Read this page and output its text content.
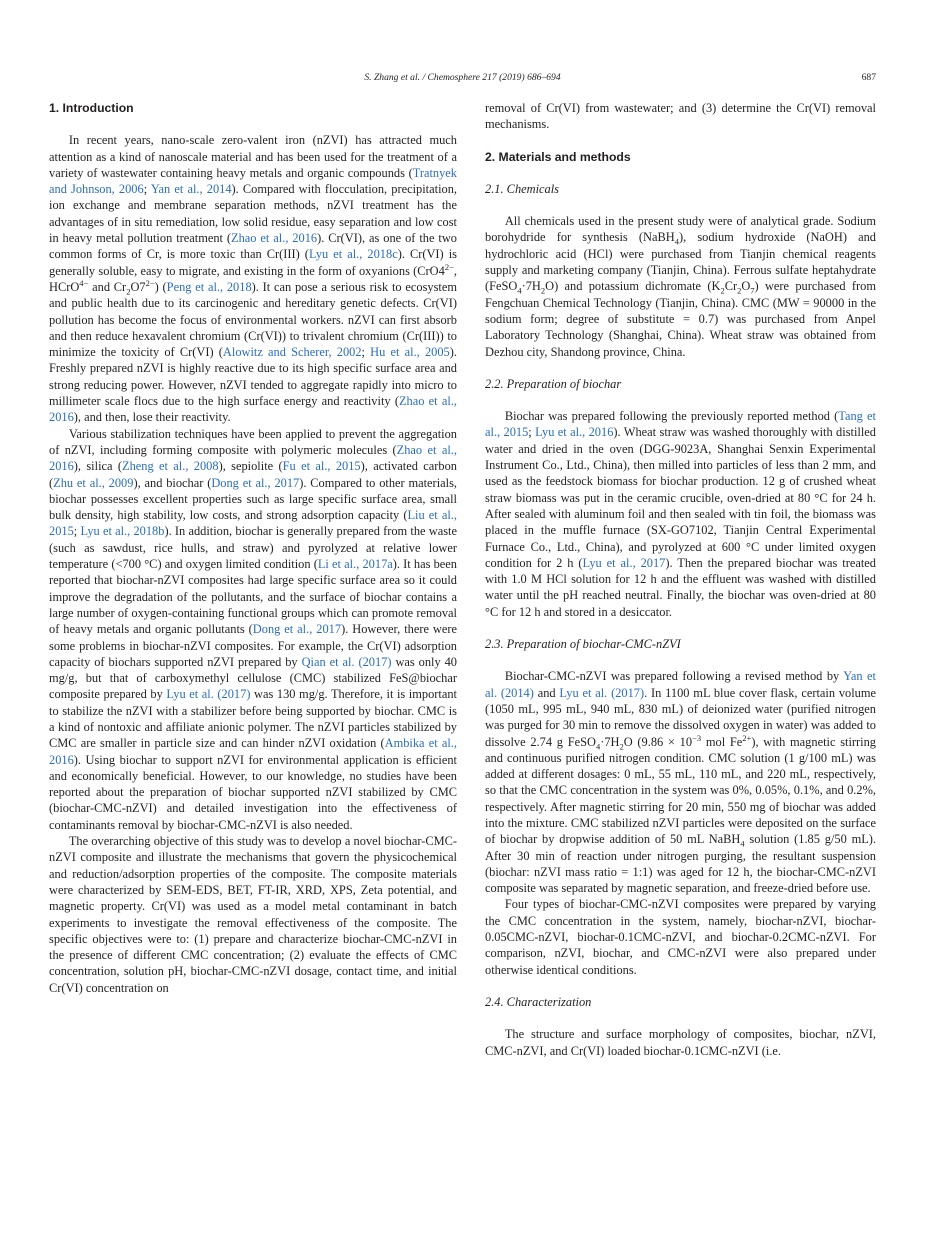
S. Zhang et al. / Chemosphere 217 (2019) 686–694	687
1. Introduction

In recent years, nano-scale zero-valent iron (nZVI) has attracted much attention as a kind of nanoscale material and has been used for the treatment of a variety of wastewater containing heavy metals and organic compounds (Tratnyek and Johnson, 2006; Yan et al., 2014). Compared with flocculation, precipitation, ion exchange and membrane separation methods, nZVI treatment has the advantages of in situ remediation, low solid residue, easy separation and low cost in heavy metal pollution treatment (Zhao et al., 2016). Cr(VI), as one of the two common forms of Cr, is more toxic than Cr(III) (Lyu et al., 2018c). Cr(VI) is generally soluble, easy to migrate, and existing in the form of oxyanions ($CrO4^{2-}$, HCrO$^{4-}$ and $Cr_2O7^{2-}$) (Peng et al., 2018). It can pose a serious risk to ecosystem and public health due to its carcinogenic and hereditary genetic defects. Cr(VI) pollution has become the focus of environmental workers. nZVI can first absorb and then reduce hexavalent chromium (Cr(VI)) to trivalent chromium (Cr(III)) to minimize the toxicity of Cr(VI) (Alowitz and Scherer, 2002; Hu et al., 2005). Freshly prepared nZVI is highly reactive due to its high specific surface area and strong reducing power. However, nZVI tended to aggregate rapidly into micro to millimeter scale flocs due to the high surface energy and reactivity (Zhao et al., 2016), and then, lose their reactivity.

Various stabilization techniques have been applied to prevent the aggregation of nZVI, including forming composite with polymeric molecules (Zhao et al., 2016), silica (Zheng et al., 2008), sepiolite (Fu et al., 2015), activated carbon (Zhu et al., 2009), and biochar (Dong et al., 2017). Compared to other materials, biochar possesses excellent properties such as large specific surface area, small bulk density, high stability, low costs, and strong adsorption capacity (Liu et al., 2015; Lyu et al., 2018b). In addition, biochar is generally prepared from the waste (such as sawdust, rice hulls, and straw) and pyrolyzed at relative lower temperature (<700 °C) and oxygen limited condition (Li et al., 2017a). It has been reported that biochar-nZVI composites had large specific surface area so it could improve the degradation of the pollutants, and the surface of biochar contains a large number of oxygen-containing functional groups which can promote removal of heavy metals and organic pollutants (Dong et al., 2017). However, there were some problems in biochar-nZVI composites. For example, the Cr(VI) adsorption capacity of biochars supported nZVI prepared by Qian et al. (2017) was only 40 mg/g, but that of carboxymethyl cellulose (CMC) stabilized FeS@biochar composite prepared by Lyu et al. (2017) was 130 mg/g. Therefore, it is important to stabilize the nZVI with a stabilizer before being supported by biochar. CMC is a kind of nontoxic and affiliate anionic polymer. The nZVI particles stabilized by CMC are smaller in particle size and can hinder nZVI oxidation (Ambika et al., 2016). Using biochar to support nZVI for environmental application is efficient and economically beneficial. However, to our knowledge, no studies have been reported about the preparation of biochar supported nZVI stabilized by CMC (biochar-CMC-nZVI) and detailed investigation into the effectiveness of contaminants removal by biochar-CMC-nZVI is also needed.

The overarching objective of this study was to develop a novel biochar-CMC-nZVI composite and illustrate the mechanisms that govern the physicochemical and reduction/adsorption properties of the composite. The composite materials were characterized by SEM-EDS, BET, FT-IR, XRD, XPS, Zeta potential, and magnetic property. Cr(VI) was used as a model metal contaminant in batch experiments to investigate the removal effectiveness of the composite. The specific objectives were to: (1) prepare and characterize biochar-CMC-nZVI in the presence of different CMC concentration; (2) evaluate the effects of CMC concentration, solution pH, biochar-CMC-nZVI dosage, contact time, and initial Cr(VI) concentration on

removal of Cr(VI) from wastewater; and (3) determine the Cr(VI) removal mechanisms.

2. Materials and methods
2.1. Chemicals

All chemicals used in the present study were of analytical grade. Sodium borohydride for synthesis (NaBH$_4$), sodium hydroxide (NaOH) and hydrochloric acid (HCl) were purchased from Tianjin chemical reagents supply and marketing company (Tianjin, China). Ferrous sulfate heptahydrate $(FeSO_4\cdot 7H_2O)$ and potassium dichromate $(K_2Cr_2O_7)$ were purchased from Fengchuan Chemical Technology (Tianjin, China). CMC (MW = 90000 in the sodium form; degree of substitute = 0.7) was purchased from Anpel Laboratory Technology (Shanghai, China). Wheat straw was obtained from Dezhou city, Shandong province, China.

2.2. Preparation of biochar

Biochar was prepared following the previously reported method (Tang et al., 2015; Lyu et al., 2016). Wheat straw was washed thoroughly with distilled water and dried in the oven (DGG-9023A, Shanghai Senxin Experimental Instrument Co., Ltd., China), then milled into particles of less than 2 mm, and used as the feedstock biomass for biochar production. 12 g of crushed wheat straw biomass was put in the ceramic crucible, oven-dried at 80 °C for 24 h. After sealed with aluminum foil and then sealed with tin foil, the biomass was placed in the muffle furnace (SX-GO7102, Tianjin Central Experimental Furnace Co., Ltd., China), and pyrolyzed at 600 °C under limited oxygen condition for 2 h (Lyu et al., 2017). Then the prepared biochar was treated with 1.0 M HCl solution for 12 h and the effluent was washed with distilled water until the pH reached neutral. Finally, the biochar was oven-dried at 80 °C for 12 h and stored in a desiccator.

2.3. Preparation of biochar-CMC-nZVI

Biochar-CMC-nZVI was prepared following a revised method by Yan et al. (2014) and Lyu et al. (2017). In 1100 mL blue cover flask, certain volume (1050 mL, 995 mL, 940 mL, 830 mL) of deionized water (purified nitrogen was purged for 30 min to remove the dissolved oxygen in water) was added to dissolve 2.74 g $FeSO_4\cdot 7H_2O$ ($9.86 \times 10^{-3}$ mol $Fe^{2+}$), with magnetic stirring and continuous purified nitrogen condition. CMC solution (1 g/100 mL) was added at different dosages: 0 mL, 55 mL, 110 mL, and 220 mL, respectively, so that the CMC concentration in the system was 0%, 0.05%, 0.1%, and 0.2%, respectively. After magnetic stirring for 20 min, 550 mg of biochar was added into the mixture. CMC stabilized nZVI particles were deposited on the surface of biochar by dropwise addition of 50 mL NaBH$_4$ solution (1.85 g/50 mL). After 30 min of reaction under nitrogen purging, the resultant suspension (biochar: nZVI mass ratio = 1:1) was aged for 12 h, the biochar-CMC-nZVI composite was separated by magnetic separation, and freeze-dried before use.

Four types of biochar-CMC-nZVI composites were prepared by varying the CMC concentration in the system, namely, biochar-nZVI, biochar-0.05CMC-nZVI, biochar-0.1CMC-nZVI, and biochar-0.2CMC-nZVI. For comparison, nZVI, biochar, and CMC-nZVI were also prepared under otherwise identical conditions.

2.4. Characterization

The structure and surface morphology of composites, biochar, nZVI, CMC-nZVI, and Cr(VI) loaded biochar-0.1CMC-nZVI (i.e.
